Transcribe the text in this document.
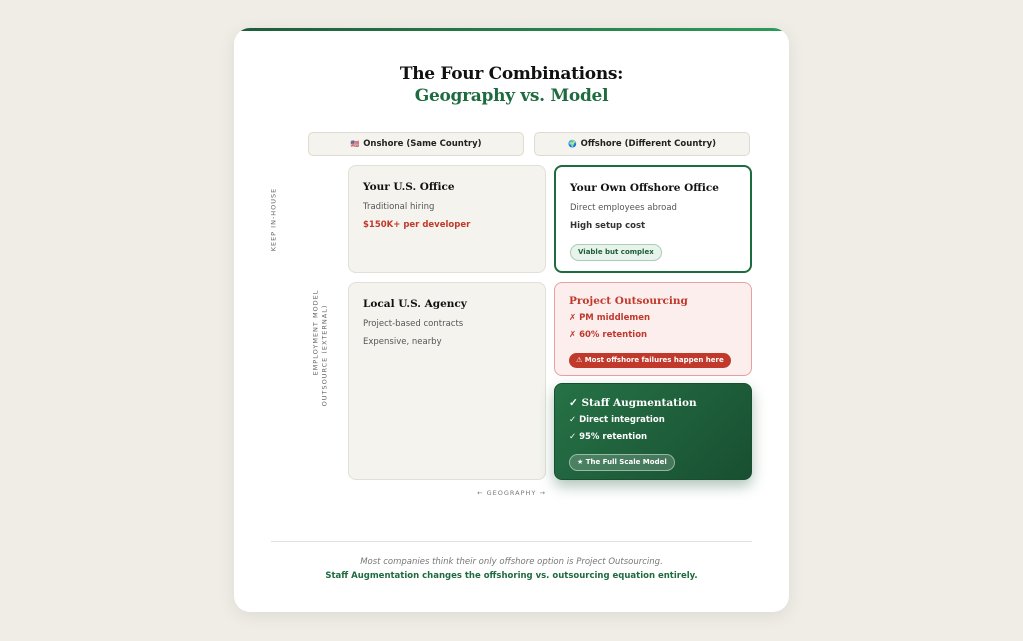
The Four Combinations:
Geography vs. Model
🇺🇸 Onshore (Same Country)	🌍 Offshore (Different Country)
KEEP IN-HOUSE
EMPLOYMENT MODEL OUTSOURCE (EXTERNAL)

Your U.S. Office

Traditional hiring

$150K+ per developer

Your Own Offshore Office

Direct employees abroad

High setup cost

Viable but complex

Local U.S. Agency

Project-based contracts

Expensive, nearby

Project Outsourcing

✗ PM middlemen

✗ 60% retention

⚠ Most offshore failures happen here

✓ Staff Augmentation

✓ Direct integration

✓ 95% retention

★ The Full Scale Model
← GEOGRAPHY →
Most companies think their only offshore option is Project Outsourcing.
Staff Augmentation changes the offshoring vs. outsourcing equation entirely.
